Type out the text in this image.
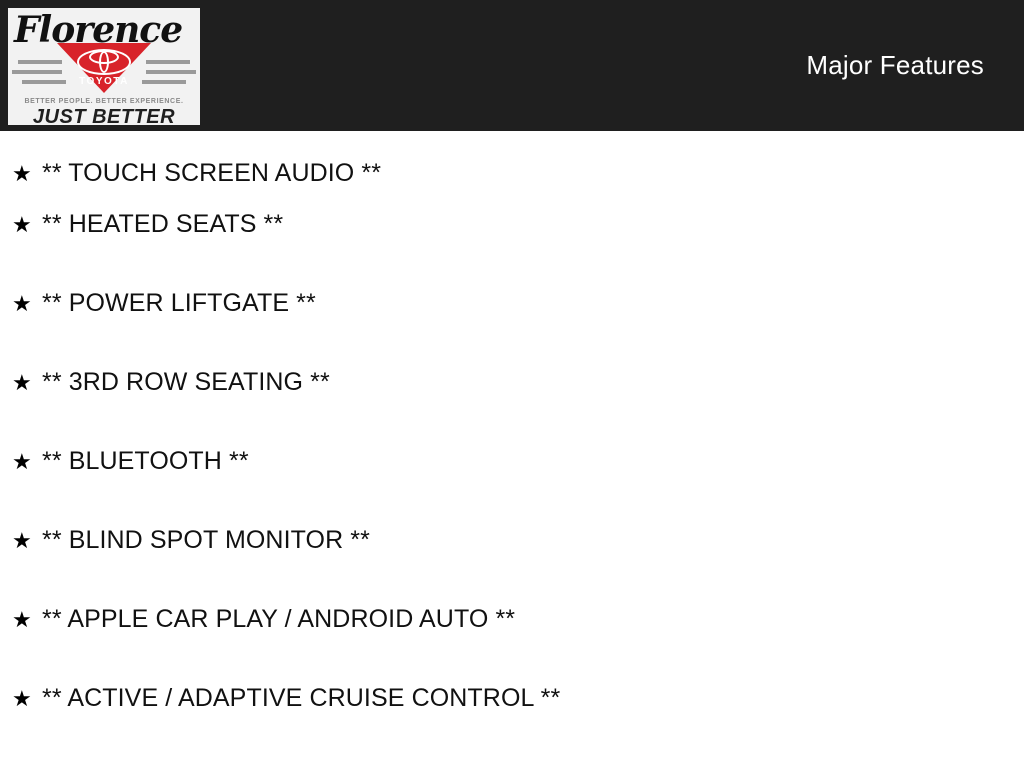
Florence
TOYOTA
BETTER PEOPLE. BETTER EXPERIENCE.
JUST BETTER
Major Features
★ ** TOUCH SCREEN AUDIO **
★ ** HEATED SEATS **
★ ** POWER LIFTGATE **
★ ** 3RD ROW SEATING **
★ ** BLUETOOTH **
★ ** BLIND SPOT MONITOR **
★ ** APPLE CAR PLAY / ANDROID AUTO **
★ ** ACTIVE / ADAPTIVE CRUISE CONTROL **
